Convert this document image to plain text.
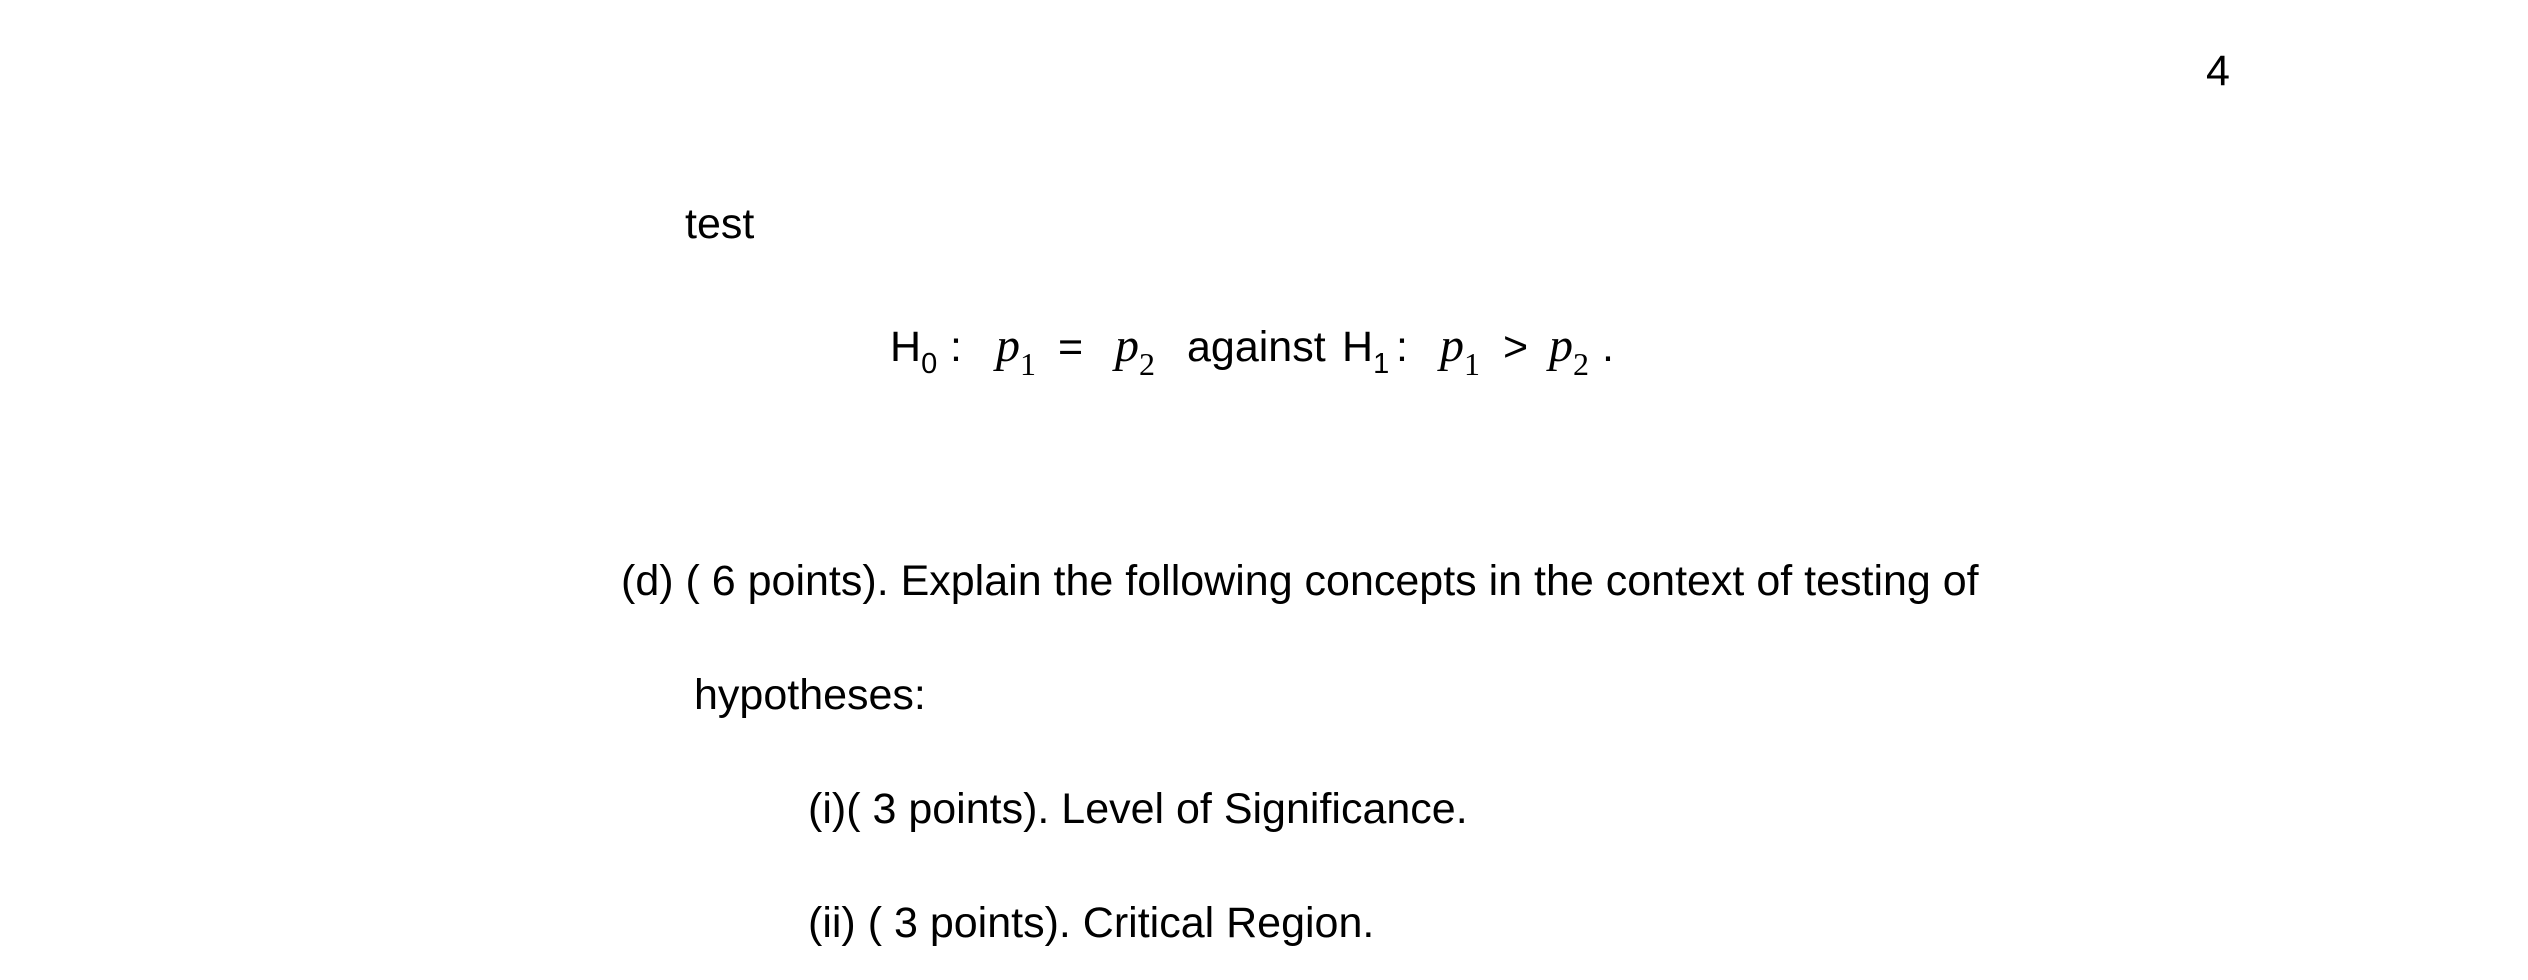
4
test
$H_0$ : $p_1 = p_2$ against $H_1$ : $p_1 > p_2$ .
(d) ( 6 points). Explain the following concepts in the context of testing of
hypotheses:
(i)( 3 points). Level of Significance.
(ii) ( 3 points). Critical Region.
